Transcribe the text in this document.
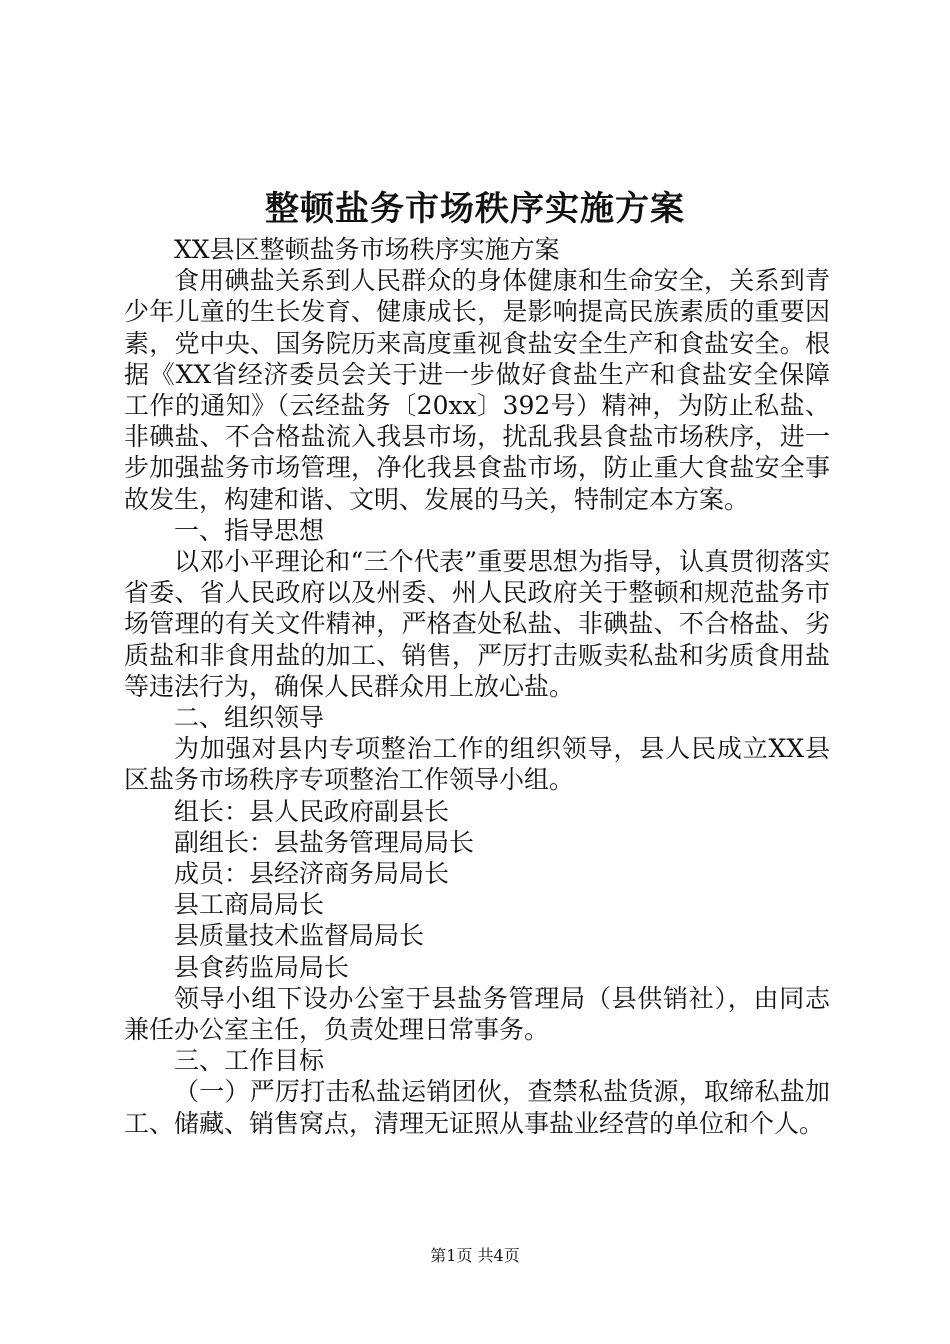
整顿盐务市场秩序实施方案

XX县区整顿盐务市场秩序实施方案

食用碘盐关系到人民群众的身体健康和生命安全，关系到青少年儿童的生长发育、健康成长，是影响提高民族素质的重要因素，党中央、国务院历来高度重视食盐安全生产和食盐安全。根据《XX省经济委员会关于进一步做好食盐生产和食盐安全保障工作的通知》（云经盐务〔20xx〕392号）精神，为防止私盐、非碘盐、不合格盐流入我县市场，扰乱我县食盐市场秩序，进一步加强盐务市场管理，净化我县食盐市场，防止重大食盐安全事故发生，构建和谐、文明、发展的马关，特制定本方案。

一、指导思想

以邓小平理论和“三个代表”重要思想为指导，认真贯彻落实省委、省人民政府以及州委、州人民政府关于整顿和规范盐务市场管理的有关文件精神，严格查处私盐、非碘盐、不合格盐、劣质盐和非食用盐的加工、销售，严厉打击贩卖私盐和劣质食用盐等违法行为，确保人民群众用上放心盐。

二、组织领导

为加强对县内专项整治工作的组织领导，县人民成立XX县区盐务市场秩序专项整治工作领导小组。

组长：县人民政府副县长

副组长：县盐务管理局局长

成员：县经济商务局局长

县工商局局长

县质量技术监督局局长

县食药监局局长

领导小组下设办公室于县盐务管理局（县供销社），由同志兼任办公室主任，负责处理日常事务。

三、工作目标

（一）严厉打击私盐运销团伙，查禁私盐货源，取缔私盐加工、储藏、销售窝点，清理无证照从事盐业经营的单位和个人。

第1页 共4页
